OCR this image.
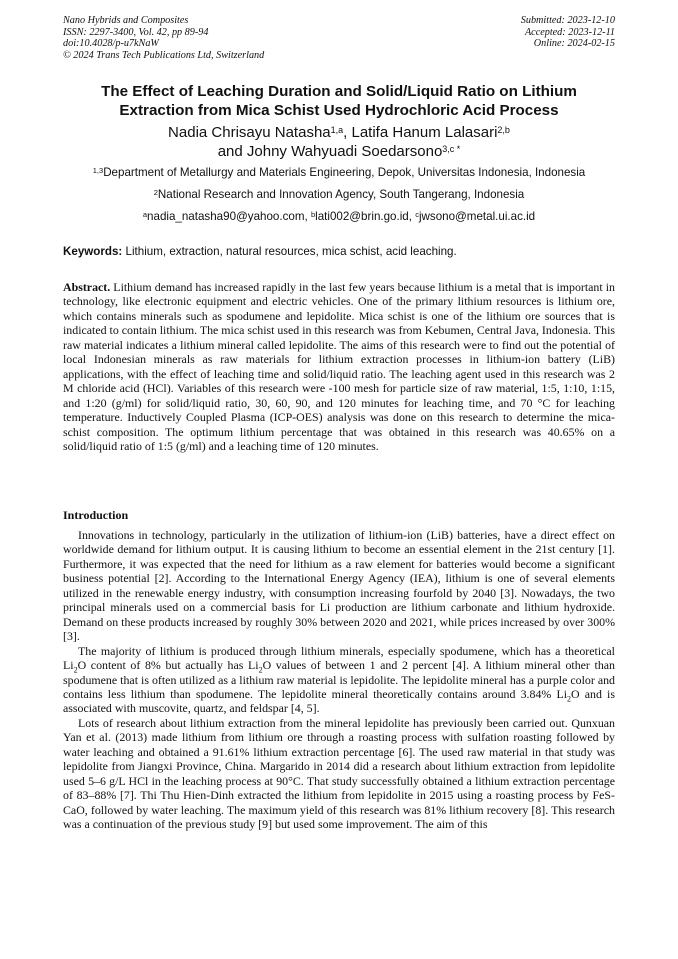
Nano Hybrids and Composites
ISSN: 2297-3400, Vol. 42, pp 89-94
doi:10.4028/p-u7kNaW
© 2024 Trans Tech Publications Ltd, Switzerland
Submitted: 2023-12-10
Accepted: 2023-12-11
Online: 2024-02-15
The Effect of Leaching Duration and Solid/Liquid Ratio on Lithium
Extraction from Mica Schist Used Hydrochloric Acid Process
Nadia Chrisayu Natasha$^{1,a}$, Latifa Hanum Lalasari$^{2,b}$
and Johny Wahyuadi Soedarsono$^{3,c *}$
$^{1,3}$Department of Metallurgy and Materials Engineering, Depok, Universitas Indonesia, Indonesia
$^2$National Research and Innovation Agency, South Tangerang, Indonesia
$^a$nadia_natasha90@yahoo.com, $^b$lati002@brin.go.id, $^c$jwsono@metal.ui.ac.id
Keywords: Lithium, extraction, natural resources, mica schist, acid leaching.

Abstract. Lithium demand has increased rapidly in the last few years because lithium is a metal that is important in technology, like electronic equipment and electric vehicles. One of the primary lithium resources is lithium ore, which contains minerals such as spodumene and lepidolite. Mica schist is one of the lithium ore sources that is indicated to contain lithium. The mica schist used in this research was from Kebumen, Central Java, Indonesia. This raw material indicates a lithium mineral called lepidolite. The aims of this research were to find out the potential of local Indonesian minerals as raw materials for lithium extraction processes in lithium-ion battery (LiB) applications, with the effect of leaching time and solid/liquid ratio. The leaching agent used in this research was 2 M chloride acid (HCl). Variables of this research were -100 mesh for particle size of raw material, 1:5, 1:10, 1:15, and 1:20 (g/ml) for solid/liquid ratio, 30, 60, 90, and 120 minutes for leaching time, and 70 °C for leaching temperature. Inductively Coupled Plasma (ICP-OES) analysis was done on this research to determine the mica-schist composition. The optimum lithium percentage that was obtained in this research was 40.65% on a solid/liquid ratio of 1:5 (g/ml) and a leaching time of 120 minutes.

Introduction

Innovations in technology, particularly in the utilization of lithium-ion (LiB) batteries, have a direct effect on worldwide demand for lithium output. It is causing lithium to become an essential element in the 21st century [1]. Furthermore, it was expected that the need for lithium as a raw element for batteries would become a significant business potential [2]. According to the International Energy Agency (IEA), lithium is one of several elements utilized in the renewable energy industry, with consumption increasing fourfold by 2040 [3]. Nowadays, the two principal minerals used on a commercial basis for Li production are lithium carbonate and lithium hydroxide. Demand on these products increased by roughly 30% between 2020 and 2021, while prices increased by over 300% [3].

The majority of lithium is produced through lithium minerals, especially spodumene, which has a theoretical $Li_2O$ content of 8% but actually has $Li_2O$ values of between 1 and 2 percent [4]. A lithium mineral other than spodumene that is often utilized as a lithium raw material is lepidolite. The lepidolite mineral has a purple color and contains less lithium than spodumene. The lepidolite mineral theoretically contains around 3.84% $Li_2O$ and is associated with muscovite, quartz, and feldspar [4, 5].

Lots of research about lithium extraction from the mineral lepidolite has previously been carried out. Qunxuan Yan et al. (2013) made lithium from lithium ore through a roasting process with sulfation roasting followed by water leaching and obtained a 91.61% lithium extraction percentage [6]. The used raw material in that study was lepidolite from Jiangxi Province, China. Margarido in 2014 did a research about lithium extraction from lepidolite used 5–6 g/L HCl in the leaching process at 90°C. That study successfully obtained a lithium extraction percentage of 83–88% [7]. Thi Thu Hien-Dinh extracted the lithium from lepidolite in 2015 using a roasting process by FeS-CaO, followed by water leaching. The maximum yield of this research was 81% lithium recovery [8]. This research was a continuation of the previous study [9] but used some improvement. The aim of this
